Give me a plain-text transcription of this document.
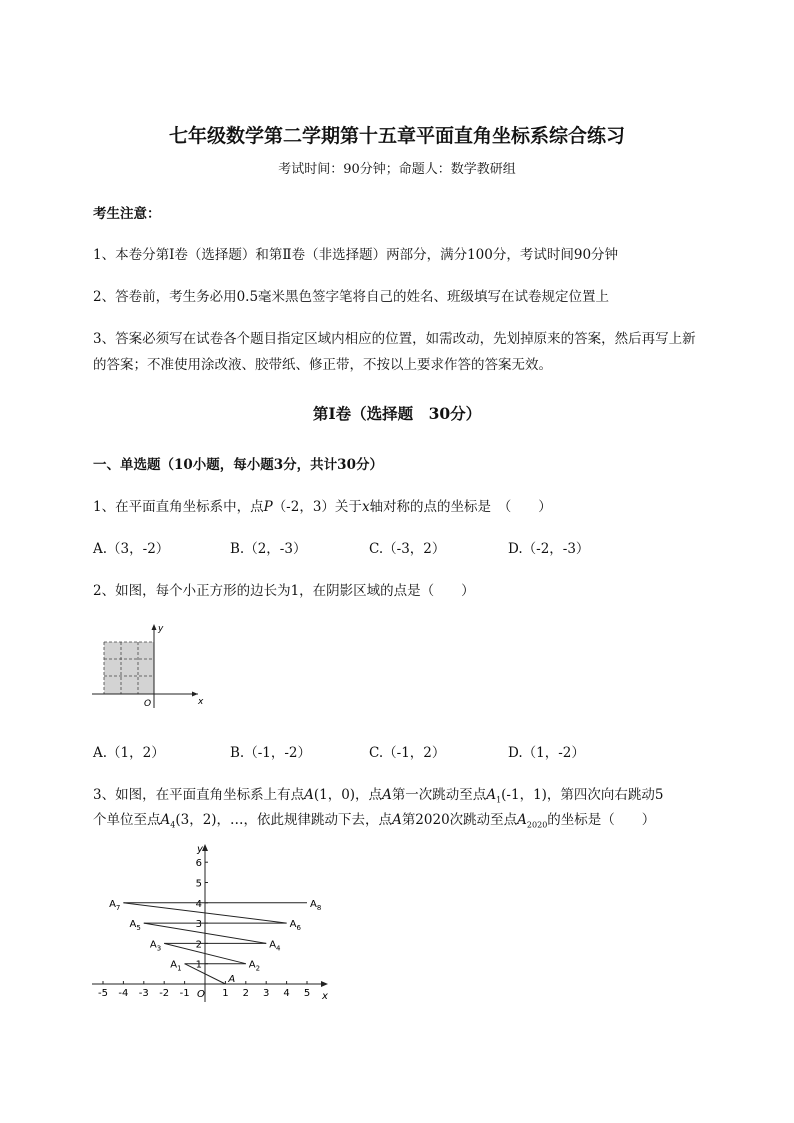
七年级数学第二学期第十五章平面直角坐标系综合练习
考试时间：90分钟；命题人：数学教研组
考生注意：
1、本卷分第Ⅰ卷（选择题）和第Ⅱ卷（非选择题）两部分，满分100分，考试时间90分钟
2、答卷前，考生务必用0.5毫米黑色签字笔将自己的姓名、班级填写在试卷规定位置上
3、答案必须写在试卷各个题目指定区域内相应的位置，如需改动，先划掉原来的答案，然后再写上新
的答案；不准使用涂改液、胶带纸、修正带，不按以上要求作答的答案无效。
第Ⅰ卷（选择题　30分）
一、单选题（10小题，每小题3分，共计30分）
1、在平面直角坐标系中，点P（-2，3）关于x轴对称的点的坐标是　（　　）
A.（3，-2）	B.（2，-3）	C.（-3，2）	D.（-2，-3）
2、如图，每个小正方形的边长为1，在阴影区域的点是（　　）
x
y
O
A.（1，2）	B.（-1，-2）	C.（-1，2）	D.（1，-2）
3、如图，在平面直角坐标系上有点A(1，0)，点A第一次跳动至点$A_1(-1$，1)，第四次向右跳动5
个单位至点$A_4(3$，2)，…，依此规律跳动下去，点A第2020次跳动至点$A_{2020}$的坐标是（　　）
x
y
O
-5 -4 -3 -2 -1	1 2 3 4 5
1
2
3
4
5
6
A
$A_1$	$A_2$
$A_3$	$A_4$
$A_5$	$A_6$
$A_7$	$A_8$
